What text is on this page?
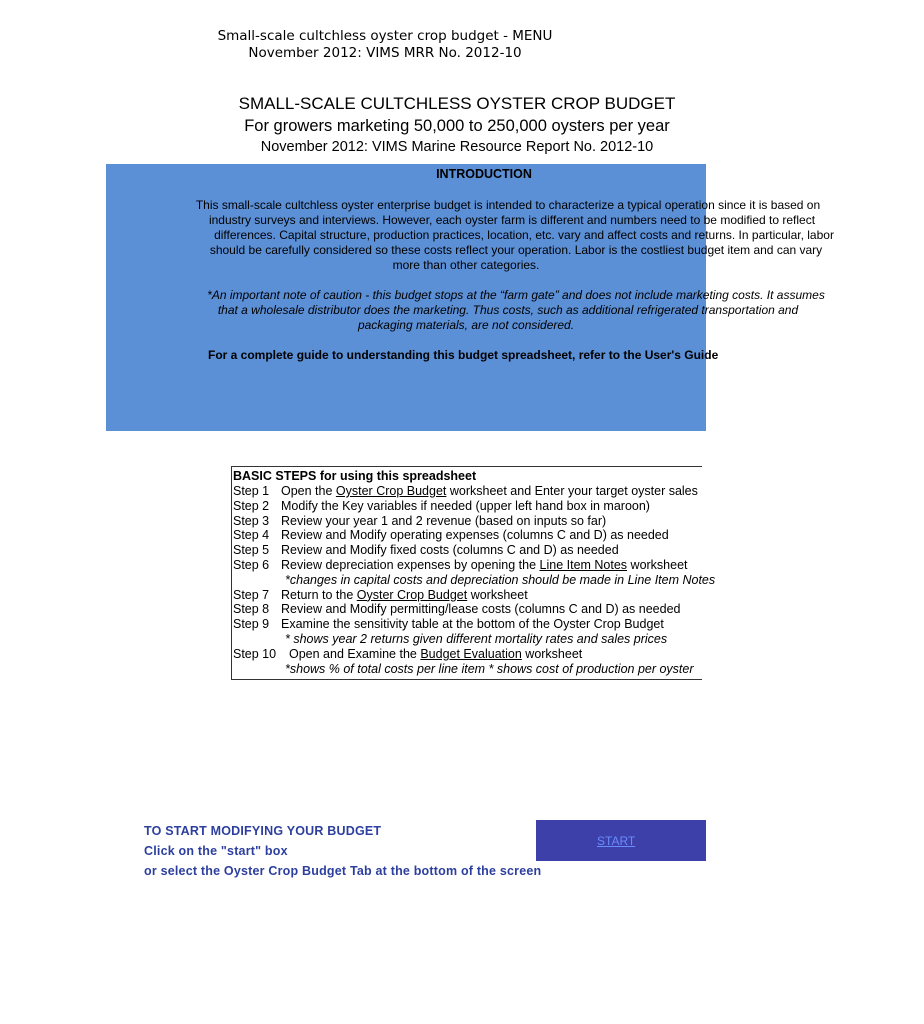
Small-scale cultchless oyster crop budget - MENU
November 2012: VIMS MRR No. 2012-10
SMALL-SCALE CULTCHLESS OYSTER CROP BUDGET
For growers marketing 50,000 to 250,000 oysters per year
November 2012: VIMS Marine Resource Report No. 2012-10
INTRODUCTION
This small-scale cultchless oyster enterprise budget is intended to characterize a typical operation since it is based on
industry surveys and interviews. However, each oyster farm is different and numbers need to be modified to reflect
differences. Capital structure, production practices, location, etc. vary and affect costs and returns. In particular, labor
should be carefully considered so these costs reflect your operation. Labor is the costliest budget item and can vary
more than other categories.
*An important note of caution - this budget stops at the “farm gate” and does not include marketing costs. It assumes
that a wholesale distributor does the marketing. Thus costs, such as additional refrigerated transportation and
packaging materials, are not considered.
For a complete guide to understanding this budget spreadsheet, refer to the User's Guide
BASIC STEPS for using this spreadsheet
Step 1 Open the Oyster Crop Budget worksheet and Enter your target oyster sales
Step 2 Modify the Key variables if needed (upper left hand box in maroon)
Step 3 Review your year 1 and 2 revenue (based on inputs so far)
Step 4 Review and Modify operating expenses (columns C and D) as needed
Step 5 Review and Modify fixed costs (columns C and D) as needed
Step 6 Review depreciation expenses by opening the Line Item Notes worksheet
*changes in capital costs and depreciation should be made in Line Item Notes
Step 7 Return to the Oyster Crop Budget worksheet
Step 8 Review and Modify permitting/lease costs (columns C and D) as needed
Step 9 Examine the sensitivity table at the bottom of the Oyster Crop Budget
* shows year 2 returns given different mortality rates and sales prices
Step 10 Open and Examine the Budget Evaluation worksheet
*shows % of total costs per line item * shows cost of production per oyster
START
TO START MODIFYING YOUR BUDGET
Click on the "start" box
or select the Oyster Crop Budget Tab at the bottom of the screen
